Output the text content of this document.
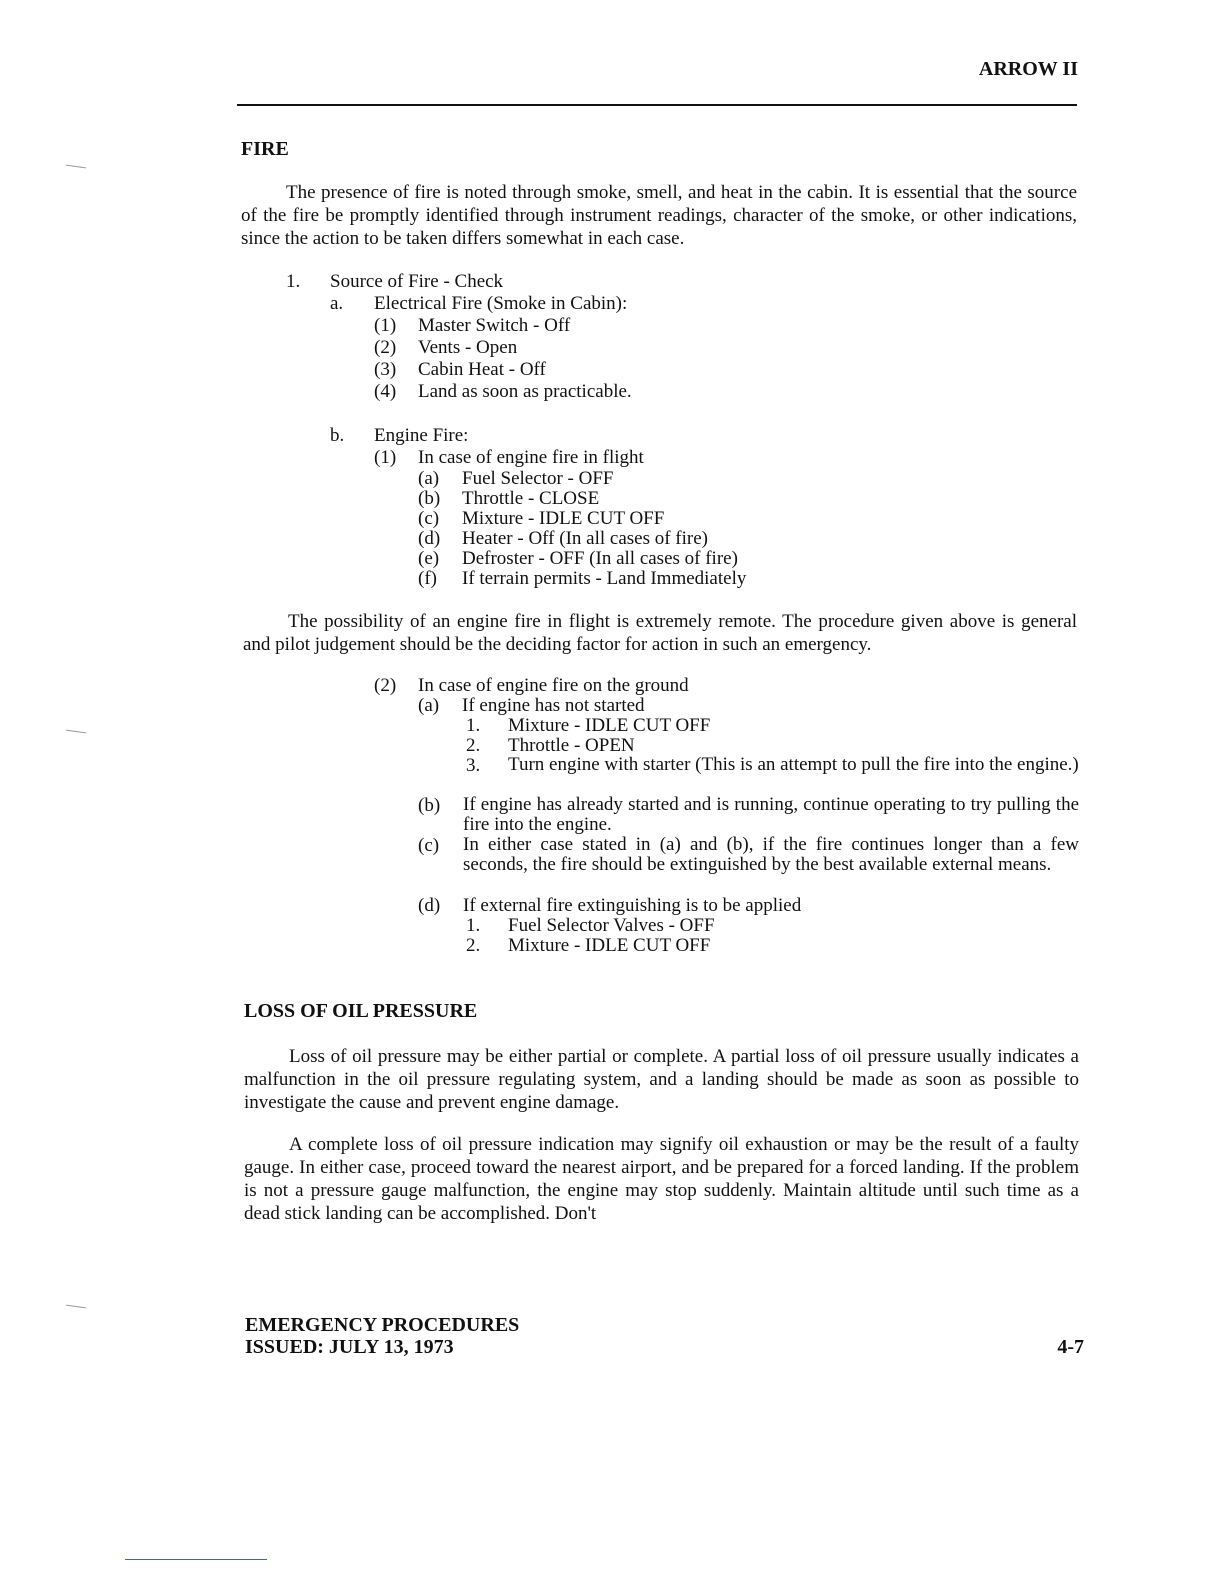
ARROW II
FIRE
The presence of fire is noted through smoke, smell, and heat in the cabin. It is essential that the source of the fire be promptly identified through instrument readings, character of the smoke, or other indications, since the action to be taken differs somewhat in each case.
1. Source of Fire - Check
a. Electrical Fire (Smoke in Cabin):
(1) Master Switch - Off
(2) Vents - Open
(3) Cabin Heat - Off
(4) Land as soon as practicable.
b. Engine Fire:
(1) In case of engine fire in flight
(a) Fuel Selector - OFF
(b) Throttle - CLOSE
(c) Mixture - IDLE CUT OFF
(d) Heater - Off (In all cases of fire)
(e) Defroster - OFF (In all cases of fire)
(f) If terrain permits - Land Immediately
The possibility of an engine fire in flight is extremely remote. The procedure given above is general and pilot judgement should be the deciding factor for action in such an emergency.
(2) In case of engine fire on the ground
(a) If engine has not started
1. Mixture - IDLE CUT OFF
2. Throttle - OPEN
3. Turn engine with starter (This is an attempt to pull the fire into the engine.)
(b) If engine has already started and is running, continue operating to try pulling the fire into the engine.
(c) In either case stated in (a) and (b), if the fire continues longer than a few seconds, the fire should be extinguished by the best available external means.
(d) If external fire extinguishing is to be applied
1. Fuel Selector Valves - OFF
2. Mixture - IDLE CUT OFF
LOSS OF OIL PRESSURE
Loss of oil pressure may be either partial or complete. A partial loss of oil pressure usually indicates a malfunction in the oil pressure regulating system, and a landing should be made as soon as possible to investigate the cause and prevent engine damage.
A complete loss of oil pressure indication may signify oil exhaustion or may be the result of a faulty gauge. In either case, proceed toward the nearest airport, and be prepared for a forced landing. If the problem is not a pressure gauge malfunction, the engine may stop suddenly. Maintain altitude until such time as a dead stick landing can be accomplished. Don't
EMERGENCY PROCEDURES
ISSUED: JULY 13, 1973	4-7
